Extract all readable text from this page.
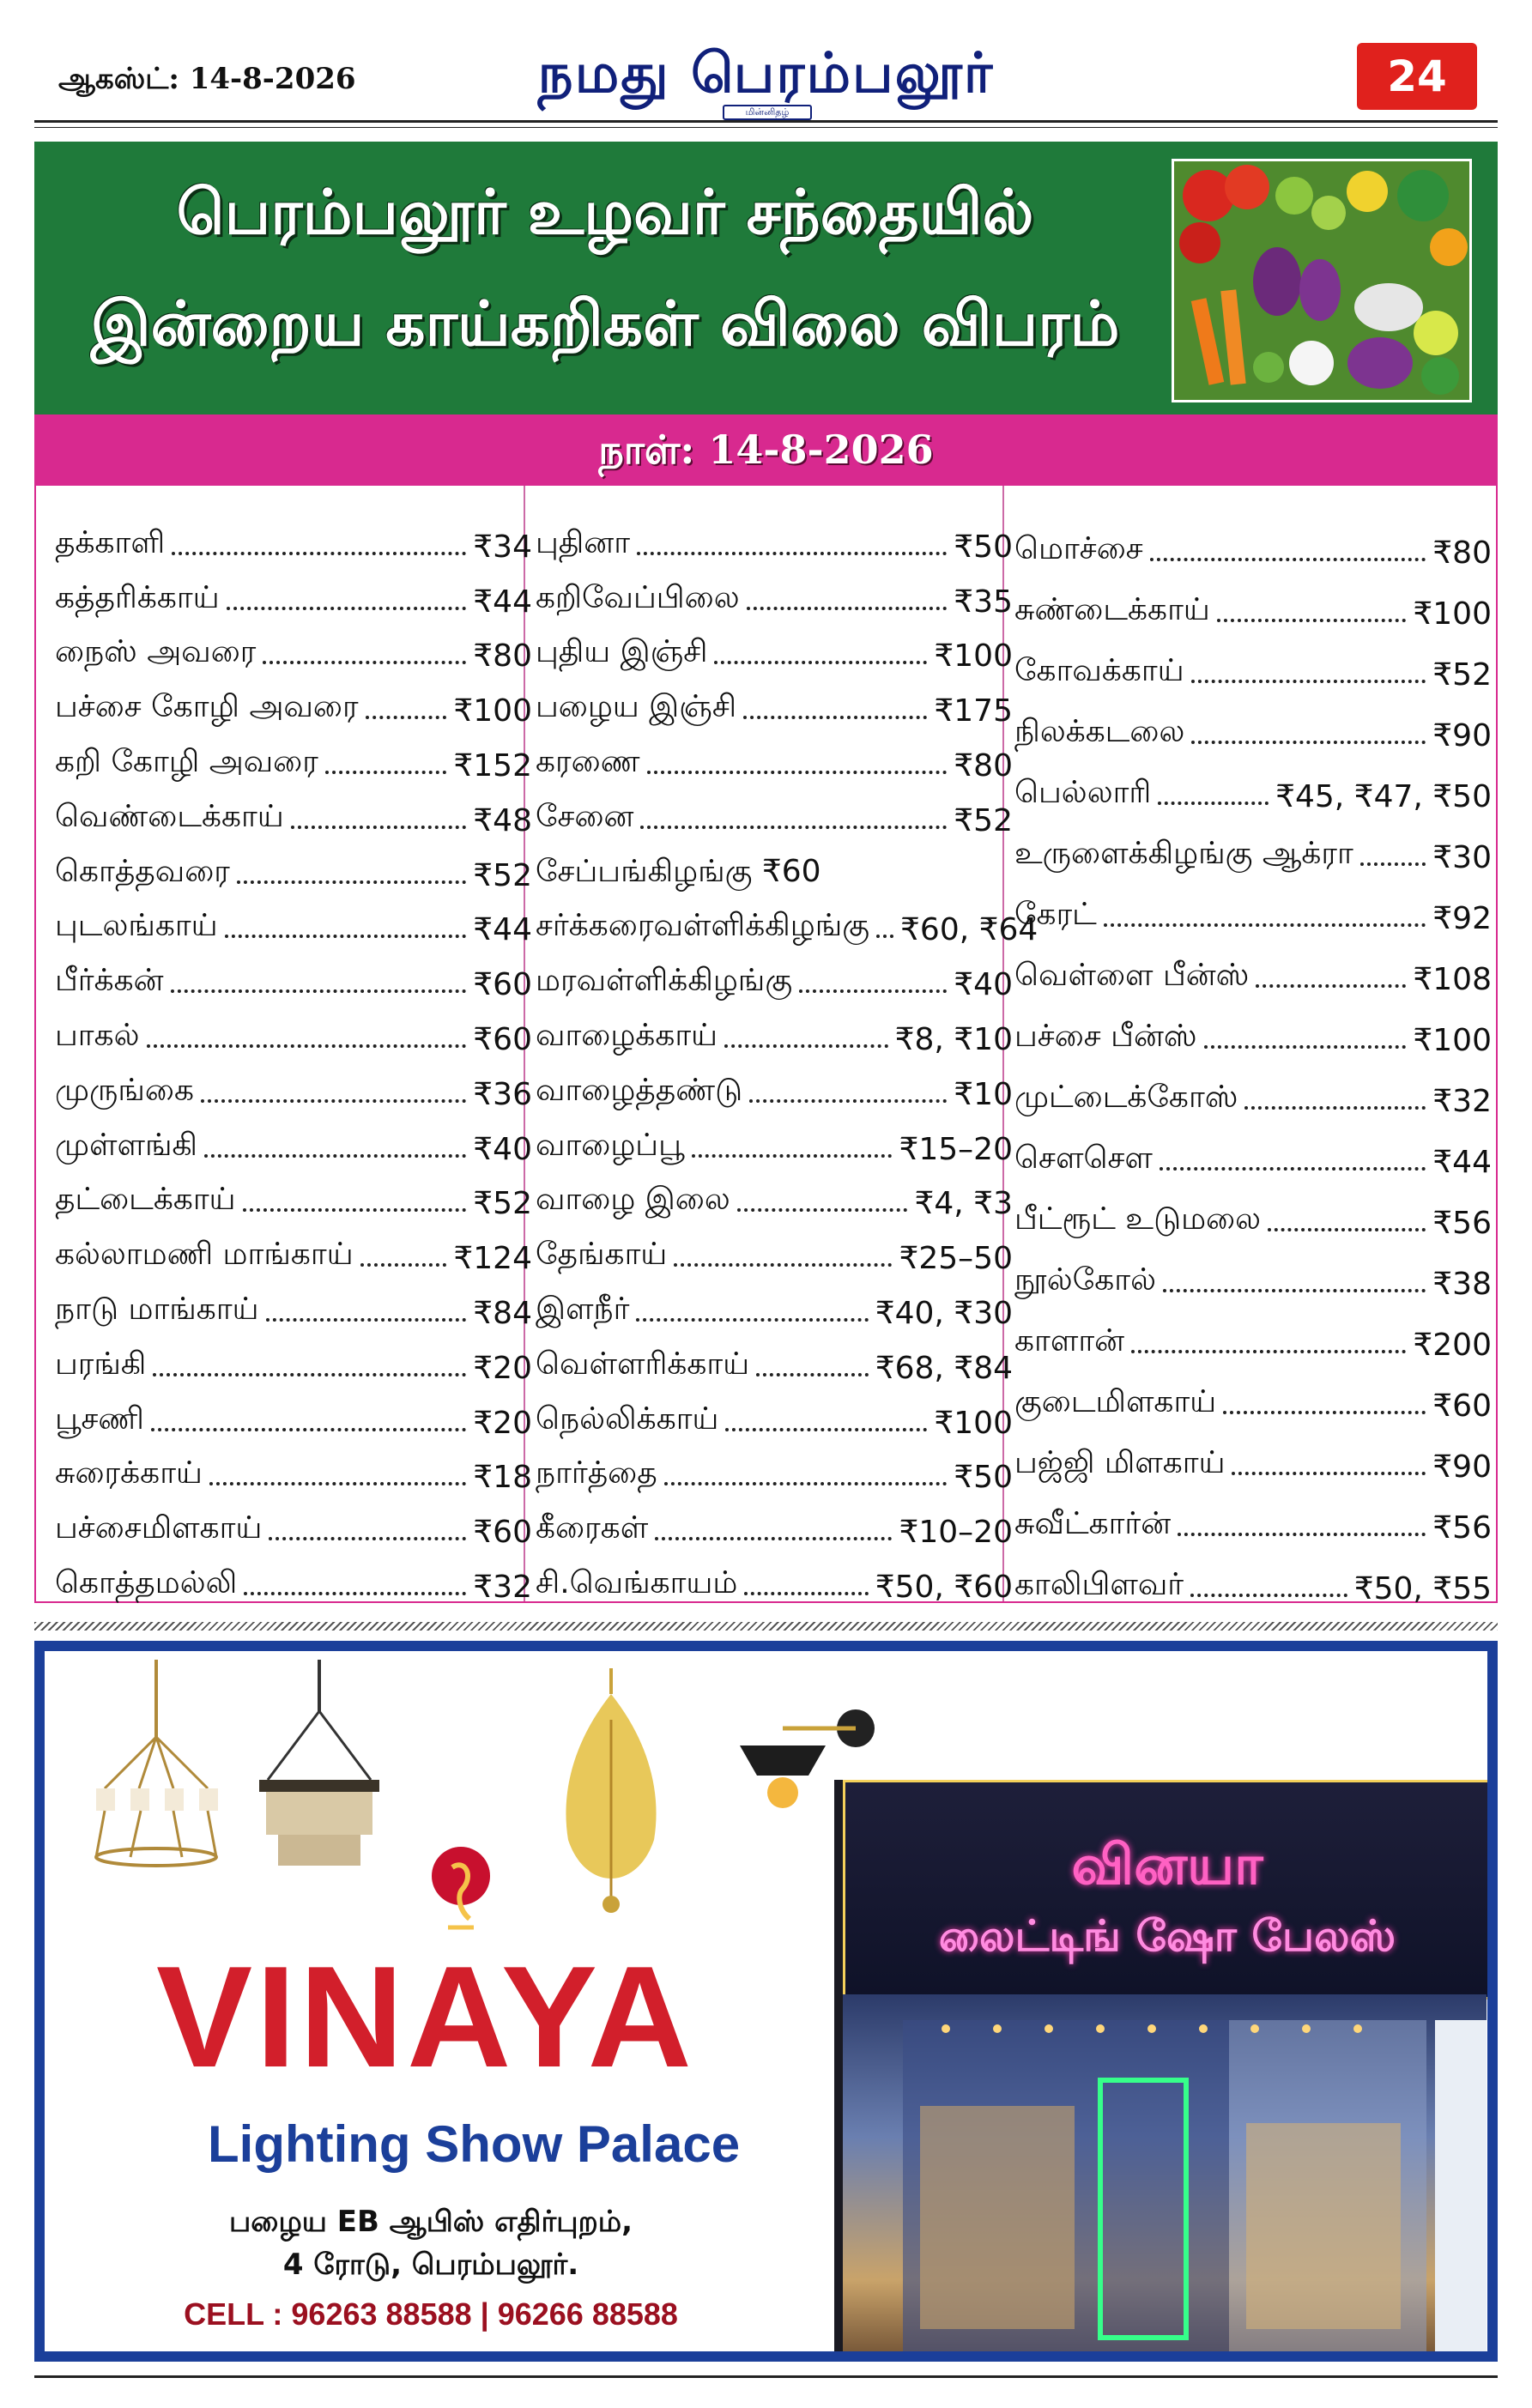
ஆகஸ்ட்: 14-8-2026	நமது பெரம்பலூர்
மின்னிதழ்
24
பெரம்பலூர் உழவர் சந்தையில்
இன்றைய காய்கறிகள் விலை விபரம்
நாள்: 14-8-2026
தக்காளி	₹34
கத்தரிக்காய்	₹44
நைஸ் அவரை	₹80
பச்சை கோழி அவரை	₹100
கறி கோழி அவரை	₹152
வெண்டைக்காய்	₹48
கொத்தவரை	₹52
புடலங்காய்	₹44
பீர்க்கன்	₹60
பாகல்	₹60
முருங்கை	₹36
முள்ளங்கி	₹40
தட்டைக்காய்	₹52
கல்லாமணி மாங்காய்	₹124
நாடு மாங்காய்	₹84
பரங்கி	₹20
பூசணி	₹20
சுரைக்காய்	₹18
பச்சைமிளகாய்	₹60
கொத்தமல்லி	₹32
புதினா	₹50
கறிவேப்பிலை	₹35
புதிய இஞ்சி	₹100
பழைய இஞ்சி	₹175
கரணை	₹80
சேனை	₹52
சேப்பங்கிழங்கு ₹60
சர்க்கரைவள்ளிக்கிழங்கு ₹60, ₹64
மரவள்ளிக்கிழங்கு	₹40
வாழைக்காய்	₹8, ₹10
வாழைத்தண்டு	₹10
வாழைப்பூ	₹15–20
வாழை இலை	₹4, ₹3
தேங்காய்	₹25–50
இளநீர்	₹40, ₹30
வெள்ளரிக்காய்	₹68, ₹84
நெல்லிக்காய்	₹100
நார்த்தை	₹50
கீரைகள்	₹10–20
சி.வெங்காயம்	₹50, ₹60
மொச்சை	₹80
சுண்டைக்காய்	₹100
கோவக்காய்	₹52
நிலக்கடலை	₹90
பெல்லாரி	₹45, ₹47, ₹50
உருளைக்கிழங்கு ஆக்ரா	₹30
கேரட்	₹92
வெள்ளை பீன்ஸ்	₹108
பச்சை பீன்ஸ்	₹100
முட்டைக்கோஸ்	₹32
சௌசௌ	₹44
பீட்ரூட் உடுமலை	₹56
நூல்கோல்	₹38
காளான்	₹200
குடைமிளகாய்	₹60
பஜ்ஜி மிளகாய்	₹90
சுவீட்கார்ன்	₹56
காலிபிளவர்	₹50, ₹55
VINAYA
Lighting Show Palace
பழைய EB ஆபிஸ் எதிர்புறம்,
4 ரோடு, பெரம்பலூர்.
CELL : 96263 88588 | 96266 88588
வினயா
லைட்டிங் ஷோ பேலஸ்
